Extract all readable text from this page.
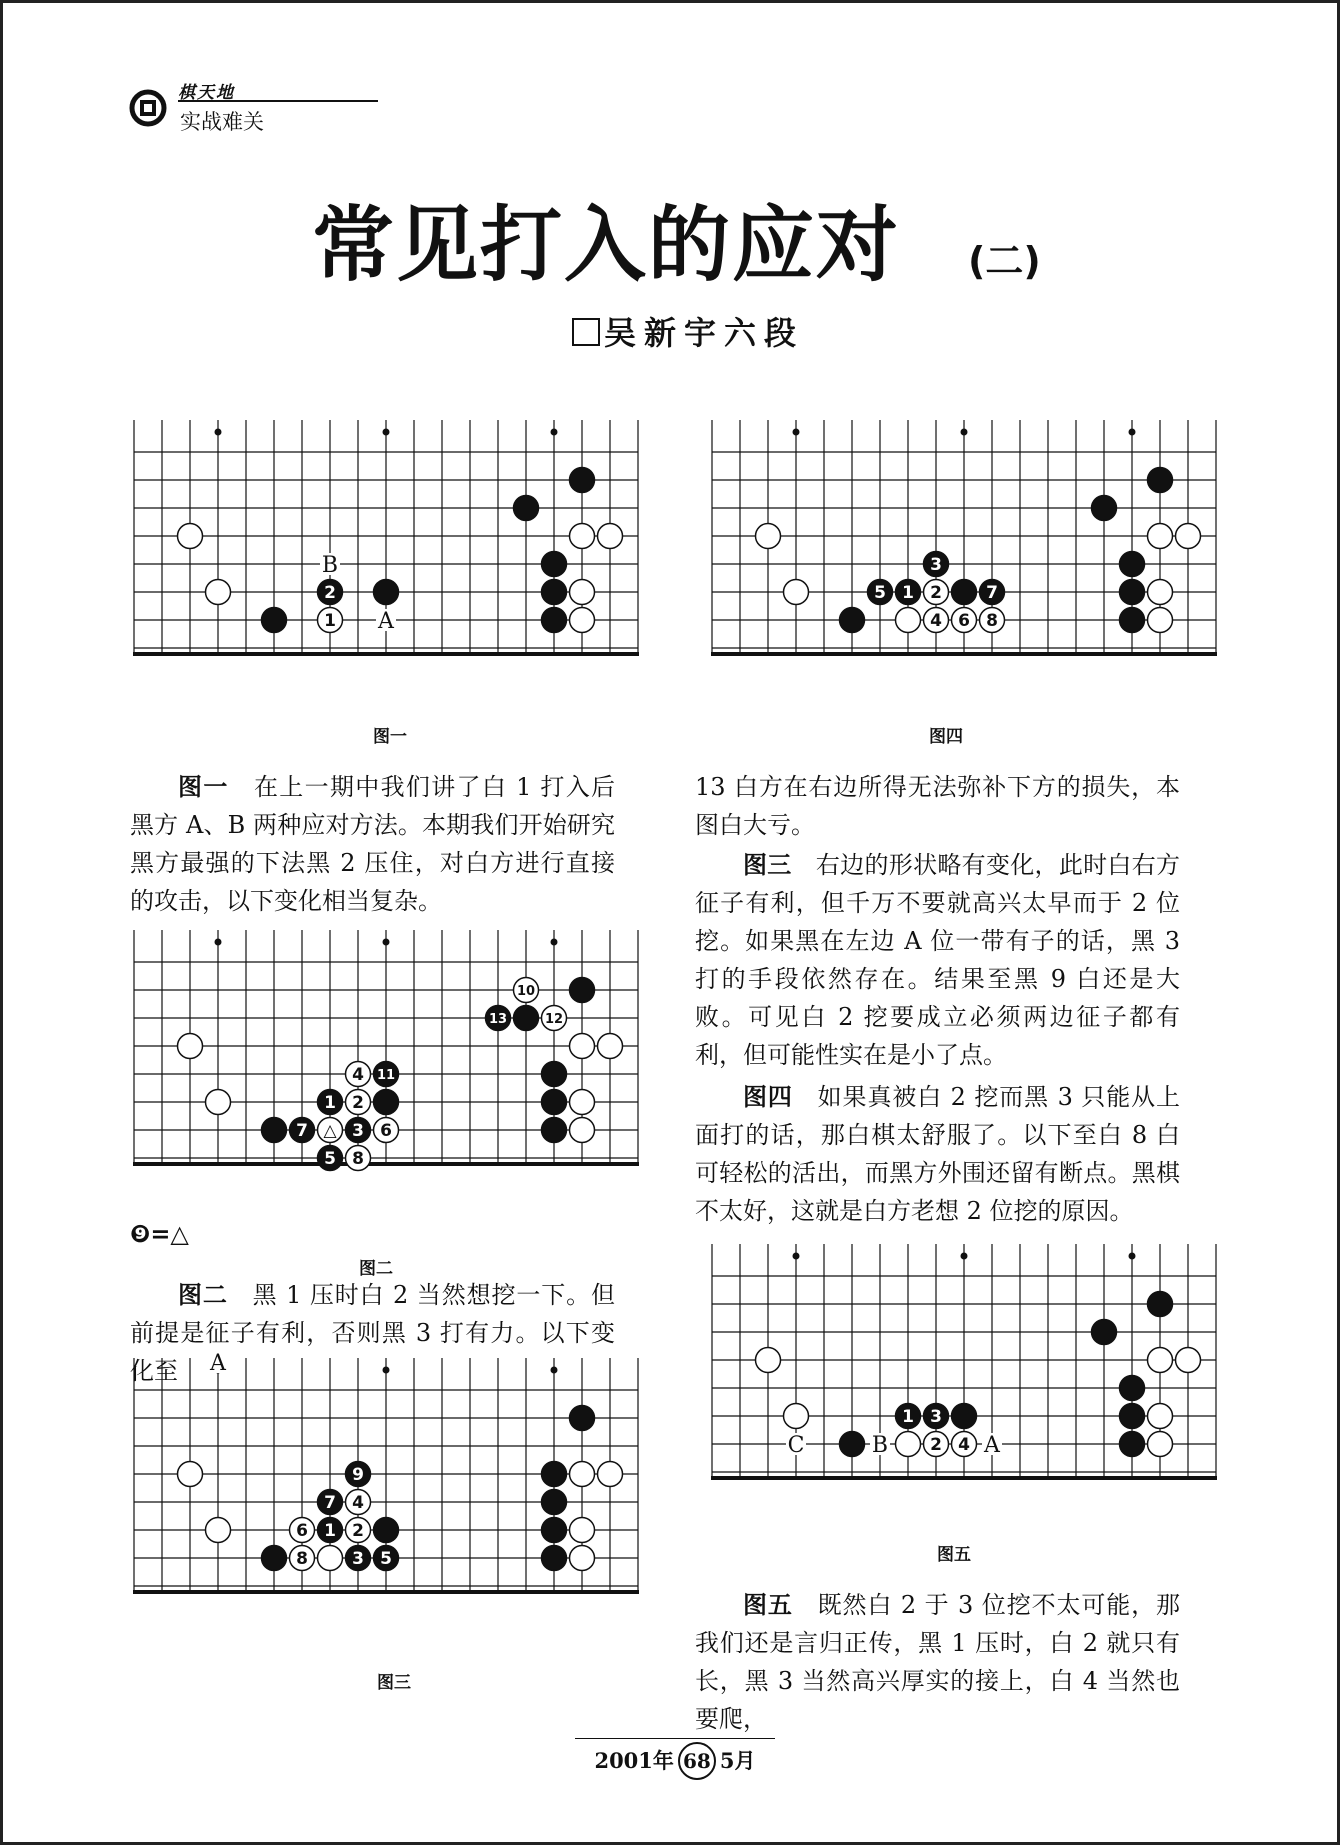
棋天地
实战难关
常见打入的应对 (二)
吴新宇六段
B
A
2
1
图一
3
5 1 2	7
4 6 8
图四
图一　 在上一期中我们讲了白 1 打入后黑方 A、B 两种应对方法。本期我们开始研究黑方最强的下法黑 2 压住，对白方进行直接的攻击，以下变化相当复杂。
10
13	12
4 11
1 2
7 △ 3 6
5 8
❾=△
图二
图二　 黑 1 压时白 2 当然想挖一下。但前提是征子有利，否则黑 3 打有力。以下变化至	A
9
7 4
6 1 2
8	3 5
图三
13 白方在右边所得无法弥补下方的损失，本图白大亏。
图三　 右边的形状略有变化，此时白右方征子有利，但千万不要就高兴太早而于 2 位挖。如果黑在左边 A 位一带有子的话，黑 3 打的手段依然存在。结果至黑 9 白还是大败。可见白 2 挖要成立必须两边征子都有利，但可能性实在是小了点。
图四　 如果真被白 2 挖而黑 3 只能从上面打的话，那白棋太舒服了。以下至白 8 白可轻松的活出，而黑方外围还留有断点。黑棋不太好，这就是白方老想 2 位挖的原因。
C	B	A
1 3
2 4
图五
图五　 既然白 2 于 3 位挖不太可能，那我们还是言归正传，黑 1 压时，白 2 就只有长，黑 3 当然高兴厚实的接上，白 4 当然也要爬，
2001年 68 5月
